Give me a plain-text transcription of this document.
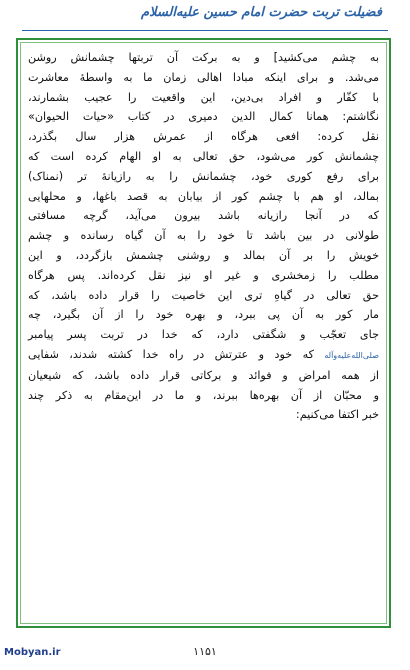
فضیلت تربت حضرت امام حسین علیه‌السلام
به چشم می‌کشید] و به برکت آن تربتها چشمانش روشن
می‌شد. و برای اینکه مبادا اهالی زمان ما به واسطهٔ معاشرت
با کفّار و افراد بی‌دین، این واقعیت را عجیب بشمارند،
نگاشتم: همانا کمال الدین دمیری در کتاب «حیات الحیوان»
نقل کرده: افعی هرگاه از عمرش هزار سال بگذرد،
چشمانش کور می‌شود، حق تعالی به او الهام کرده است که
برای رفع کوری خود، چشمانش را به رازیانهٔ تر (نمناک)
بمالد، او هم با چشم کور از بیابان به قصد باغها، و محلهایی
که در آنجا رازیانه باشد بیرون می‌آید، گرچه مسافتی
طولانی در بین باشد تا خود را به آن گیاه رسانده و چشم
خویش را بر آن بمالد و روشنی چشمش بازگردد، و این
مطلب را زمخشری و غیر او نیز نقل کرده‌اند. پس هرگاه
حق تعالی در گیاهِ تری این خاصیت را قرار داده باشد، که
مار کور به آن پی ببرد، و بهره خود را از آن بگیرد، چه
جای تعجّب و شگفتی دارد، که خدا در تربت پسر پیامبر
صلی‌الله‌علیه‌وآله که خود و عترتش در راه خدا کشته شدند، شفایی
از همه امراض و فوائد و برکاتی قرار داده باشد، که شیعیان
و محبّان از آن بهره‌ها ببرند، و ما در این‌مقام به ذکر چند
خبر اکتفا می‌کنیم:
Mobyan.ir	۱۱۵۱
